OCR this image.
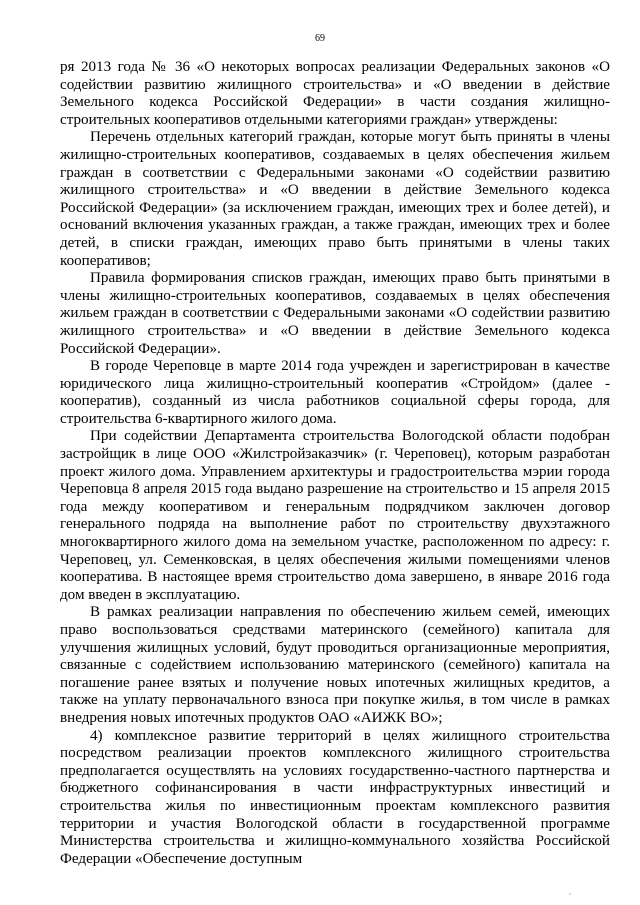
69

ря 2013 года № 36 «О некоторых вопросах реализации Федеральных законов «О содействии развитию жилищного строительства» и «О введении в действие Земельного кодекса Российской Федерации» в части создания жилищно-строительных кооперативов отдельными категориями граждан» утверждены:

Перечень отдельных категорий граждан, которые могут быть приняты в члены жилищно-строительных кооперативов, создаваемых в целях обеспечения жильем граждан в соответствии с Федеральными законами «О содействии развитию жилищного строительства» и «О введении в действие Земельного кодекса Российской Федерации» (за исключением граждан, имеющих трех и более детей), и оснований включения указанных граждан, а также граждан, имеющих трех и более детей, в списки граждан, имеющих право быть принятыми в члены таких кооперативов;

Правила формирования списков граждан, имеющих право быть принятыми в члены жилищно-строительных кооперативов, создаваемых в целях обеспечения жильем граждан в соответствии с Федеральными законами «О содействии развитию жилищного строительства» и «О введении в действие Земельного кодекса Российской Федерации».

В городе Череповце в марте 2014 года учрежден и зарегистрирован в качестве юридического лица жилищно-строительный кооператив «Стройдом» (далее - кооператив), созданный из числа работников социальной сферы города, для строительства 6-квартирного жилого дома.

При содействии Департамента строительства Вологодской области подобран застройщик в лице ООО «Жилстройзаказчик» (г. Череповец), которым разработан проект жилого дома. Управлением архитектуры и градостроительства мэрии города Череповца 8 апреля 2015 года выдано разрешение на строительство и 15 апреля 2015 года между кооперативом и генеральным подрядчиком заключен договор генерального подряда на выполнение работ по строительству двухэтажного многоквартирного жилого дома на земельном участке, расположенном по адресу: г. Череповец, ул. Семенковская, в целях обеспечения жилыми помещениями членов кооператива. В настоящее время строительство дома завершено, в январе 2016 года дом введен в эксплуатацию.

В рамках реализации направления по обеспечению жильем семей, имеющих право воспользоваться средствами материнского (семейного) капитала для улучшения жилищных условий, будут проводиться организационные мероприятия, связанные с содействием использованию материнского (семейного) капитала на погашение ранее взятых и получение новых ипотечных жилищных кредитов, а также на уплату первоначального взноса при покупке жилья, в том числе в рамках внедрения новых ипотечных продуктов ОАО «АИЖК ВО»;

4) комплексное развитие территорий в целях жилищного строительства посредством реализации проектов комплексного жилищного строительства предполагается осуществлять на условиях государственно-частного партнерства и бюджетного софинансирования в части инфраструктурных инвестиций и строительства жилья по инвестиционным проектам комплексного развития территории и участия Вологодской области в государственной программе Министерства строительства и жилищно-коммунального хозяйства Российской Федерации «Обеспечение доступным
